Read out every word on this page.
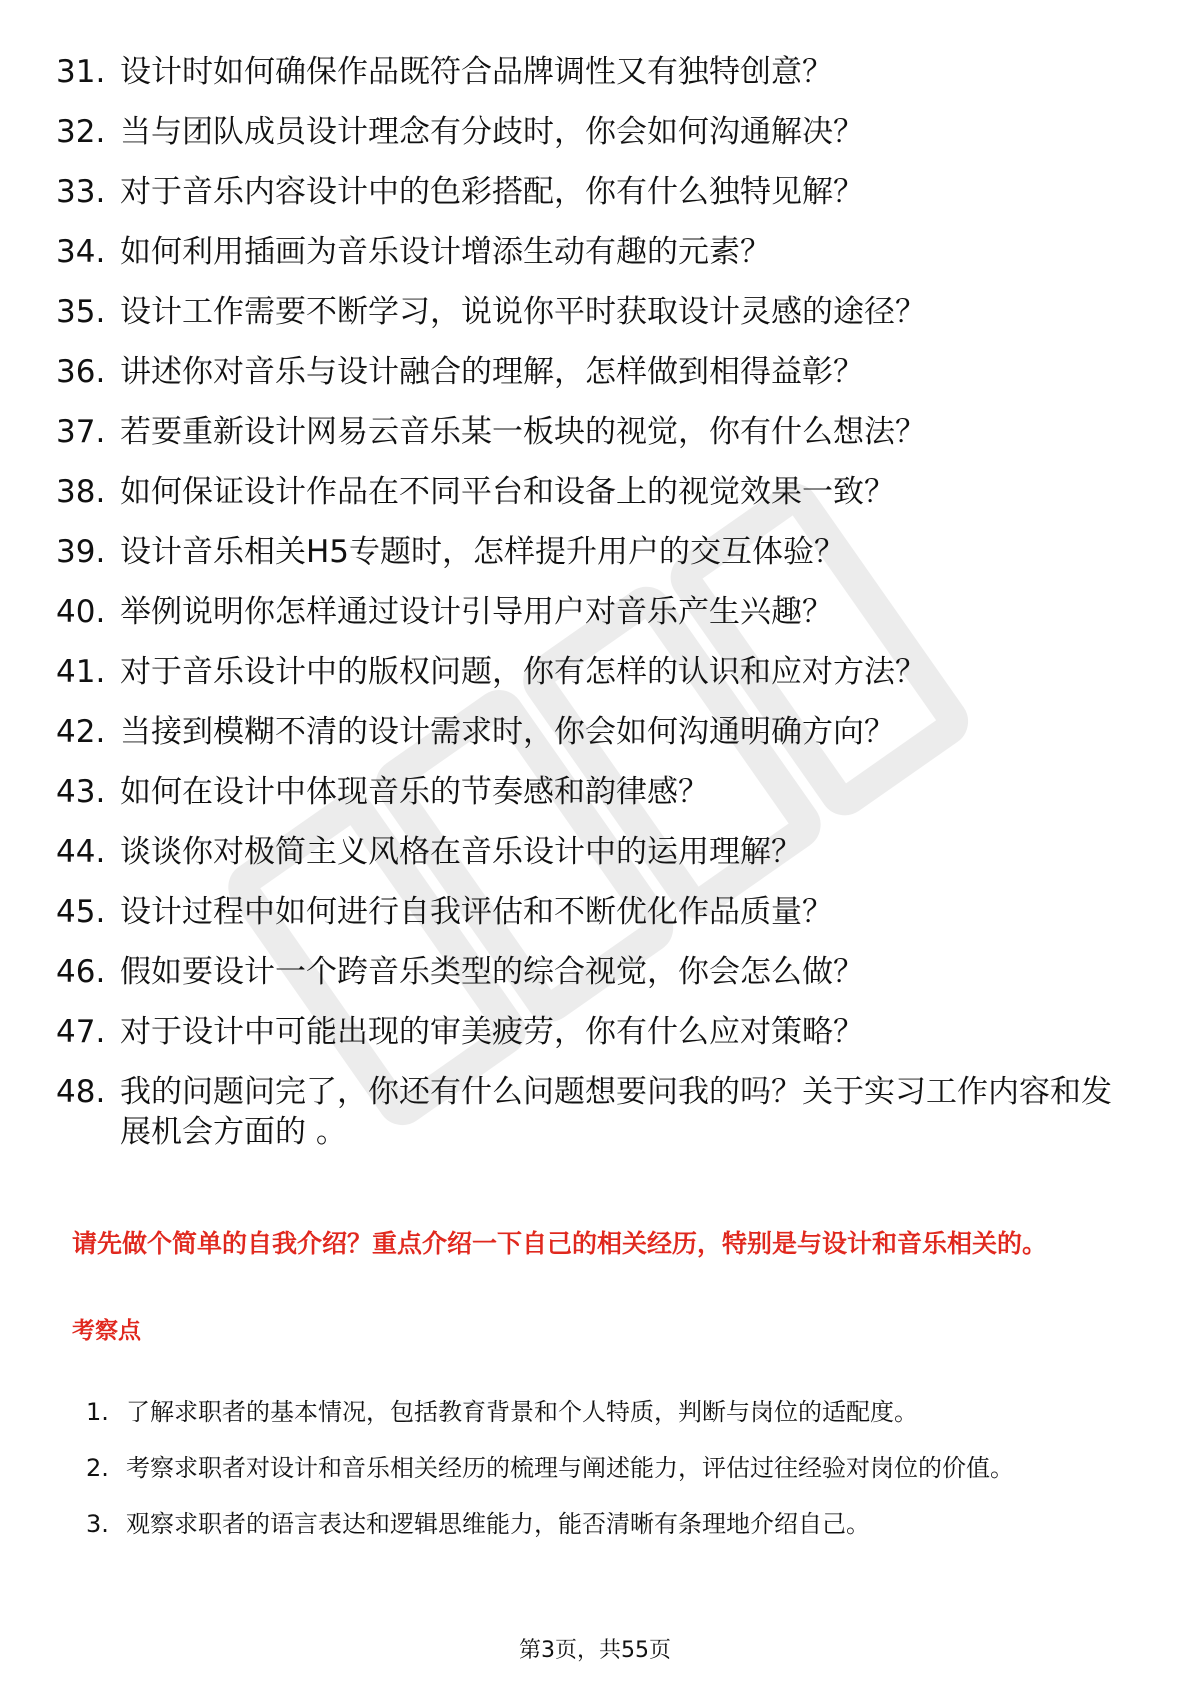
31. 设计时如何确保作品既符合品牌调性又有独特创意？
32. 当与团队成员设计理念有分歧时，你会如何沟通解决？
33. 对于音乐内容设计中的色彩搭配，你有什么独特见解？
34. 如何利用插画为音乐设计增添生动有趣的元素？
35. 设计工作需要不断学习，说说你平时获取设计灵感的途径？
36. 讲述你对音乐与设计融合的理解，怎样做到相得益彰？
37. 若要重新设计网易云音乐某一板块的视觉，你有什么想法？
38. 如何保证设计作品在不同平台和设备上的视觉效果一致？
39. 设计音乐相关H5专题时，怎样提升用户的交互体验？
40. 举例说明你怎样通过设计引导用户对音乐产生兴趣？
41. 对于音乐设计中的版权问题，你有怎样的认识和应对方法？
42. 当接到模糊不清的设计需求时，你会如何沟通明确方向？
43. 如何在设计中体现音乐的节奏感和韵律感？
44. 谈谈你对极简主义风格在音乐设计中的运用理解？
45. 设计过程中如何进行自我评估和不断优化作品质量？
46. 假如要设计一个跨音乐类型的综合视觉，你会怎么做？
47. 对于设计中可能出现的审美疲劳，你有什么应对策略？
48. 我的问题问完了，你还有什么问题想要问我的吗？关于实习工作内容和发展机会方面的 。

请先做个简单的自我介绍？重点介绍一下自己的相关经历，特别是与设计和音乐相关的。

考察点

1. 了解求职者的基本情况，包括教育背景和个人特质，判断与岗位的适配度。
2. 考察求职者对设计和音乐相关经历的梳理与阐述能力，评估过往经验对岗位的价值。
3. 观察求职者的语言表达和逻辑思维能力，能否清晰有条理地介绍自己。
第3页，共55页
